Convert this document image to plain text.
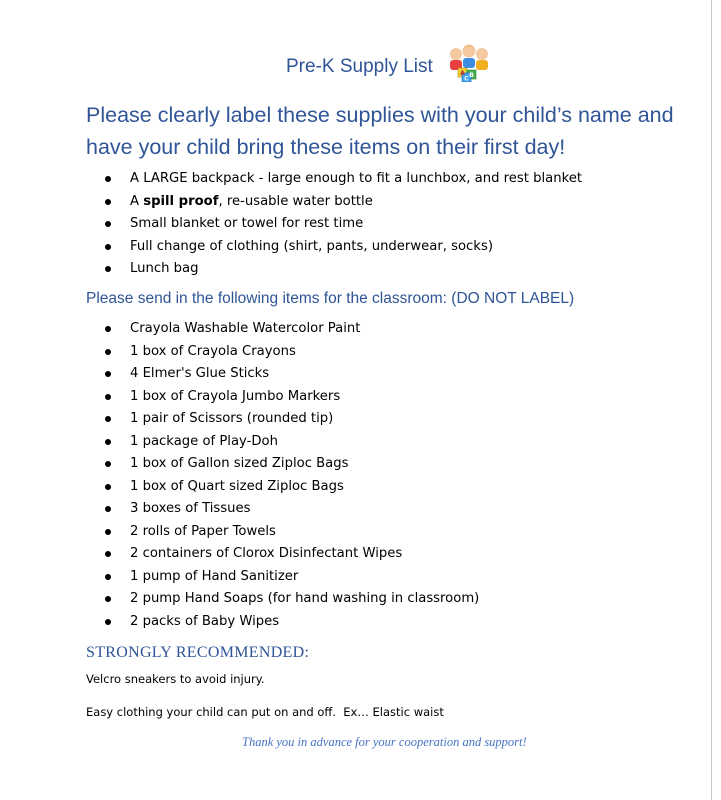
Pre-K Supply List	A B
C

Please clearly label these supplies with your child’s name and have your child bring these items on their first day!

A LARGE backpack - large enough to fit a lunchbox, and rest blanket
A spill proof, re-usable water bottle
Small blanket or towel for rest time
Full change of clothing (shirt, pants, underwear, socks)
Lunch bag

Please send in the following items for the classroom: (DO NOT LABEL)

Crayola Washable Watercolor Paint
1 box of Crayola Crayons
4 Elmer's Glue Sticks
1 box of Crayola Jumbo Markers
1 pair of Scissors (rounded tip)
1 package of Play-Doh
1 box of Gallon sized Ziploc Bags
1 box of Quart sized Ziploc Bags
3 boxes of Tissues
2 rolls of Paper Towels
2 containers of Clorox Disinfectant Wipes
1 pump of Hand Sanitizer
2 pump Hand Soaps (for hand washing in classroom)
2 packs of Baby Wipes

STRONGLY RECOMMENDED:

Velcro sneakers to avoid injury.

Easy clothing your child can put on and off.  Ex… Elastic waist

Thank you in advance for your cooperation and support!
